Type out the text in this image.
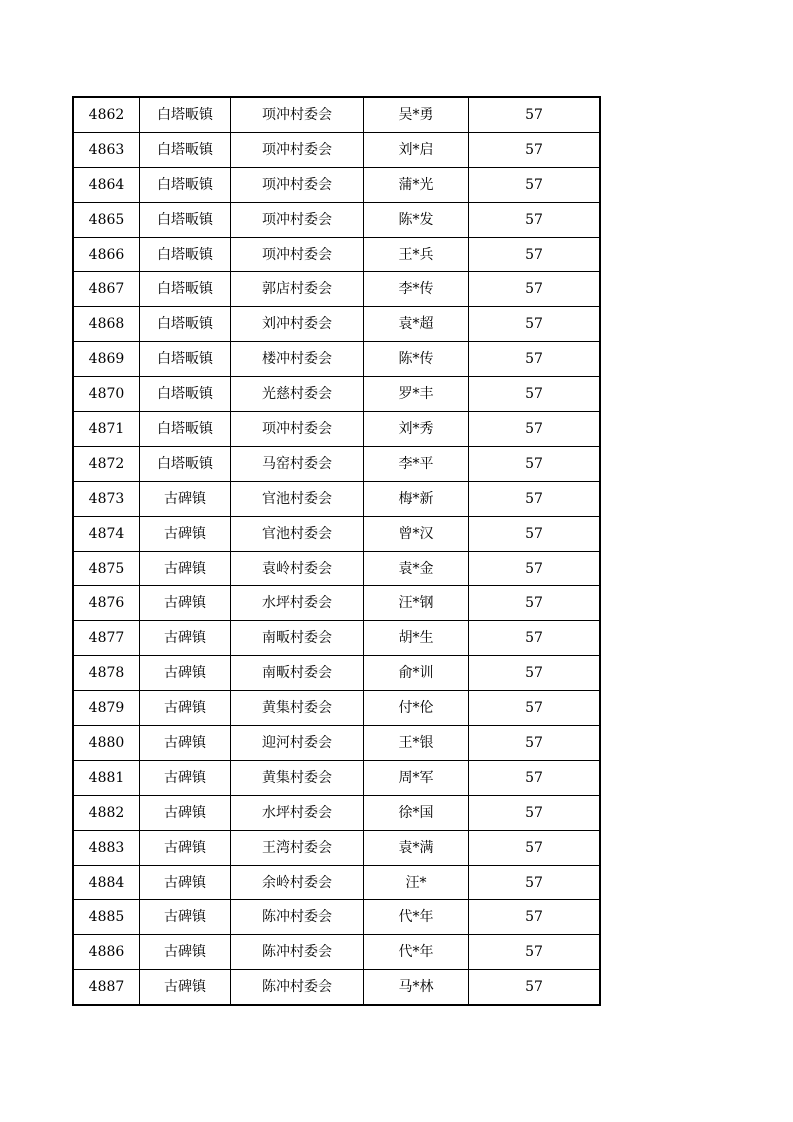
4862	白塔畈镇	项冲村委会	吴*勇	57
4863	白塔畈镇	项冲村委会	刘*启	57
4864	白塔畈镇	项冲村委会	蒲*光	57
4865	白塔畈镇	项冲村委会	陈*发	57
4866	白塔畈镇	项冲村委会	王*兵	57
4867	白塔畈镇	郭店村委会	李*传	57
4868	白塔畈镇	刘冲村委会	袁*超	57
4869	白塔畈镇	楼冲村委会	陈*传	57
4870	白塔畈镇	光慈村委会	罗*丰	57
4871	白塔畈镇	项冲村委会	刘*秀	57
4872	白塔畈镇	马窑村委会	李*平	57
4873	古碑镇	官池村委会	梅*新	57
4874	古碑镇	官池村委会	曾*汉	57
4875	古碑镇	袁岭村委会	袁*金	57
4876	古碑镇	水坪村委会	汪*钢	57
4877	古碑镇	南畈村委会	胡*生	57
4878	古碑镇	南畈村委会	俞*训	57
4879	古碑镇	黄集村委会	付*伦	57
4880	古碑镇	迎河村委会	王*银	57
4881	古碑镇	黄集村委会	周*军	57
4882	古碑镇	水坪村委会	徐*国	57
4883	古碑镇	王湾村委会	袁*满	57
4884	古碑镇	余岭村委会	汪*	57
4885	古碑镇	陈冲村委会	代*年	57
4886	古碑镇	陈冲村委会	代*年	57
4887	古碑镇	陈冲村委会	马*林	57
